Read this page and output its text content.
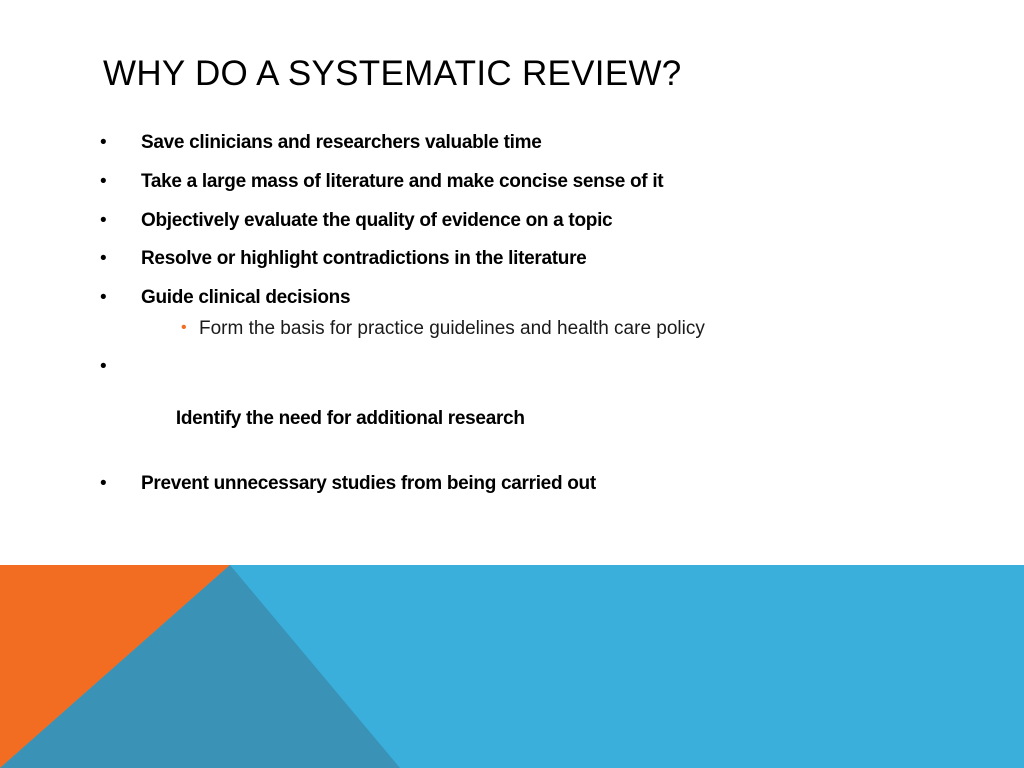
WHY DO A SYSTEMATIC REVIEW?
• Save clinicians and researchers valuable time
• Take a large mass of literature and make concise sense of it
• Objectively evaluate the quality of evidence on a topic
• Resolve or highlight contradictions in the literature
• Guide clinical decisions
• Form the basis for practice guidelines and health care policy

•

Identify the need for additional research

• Prevent unnecessary studies from being carried out
